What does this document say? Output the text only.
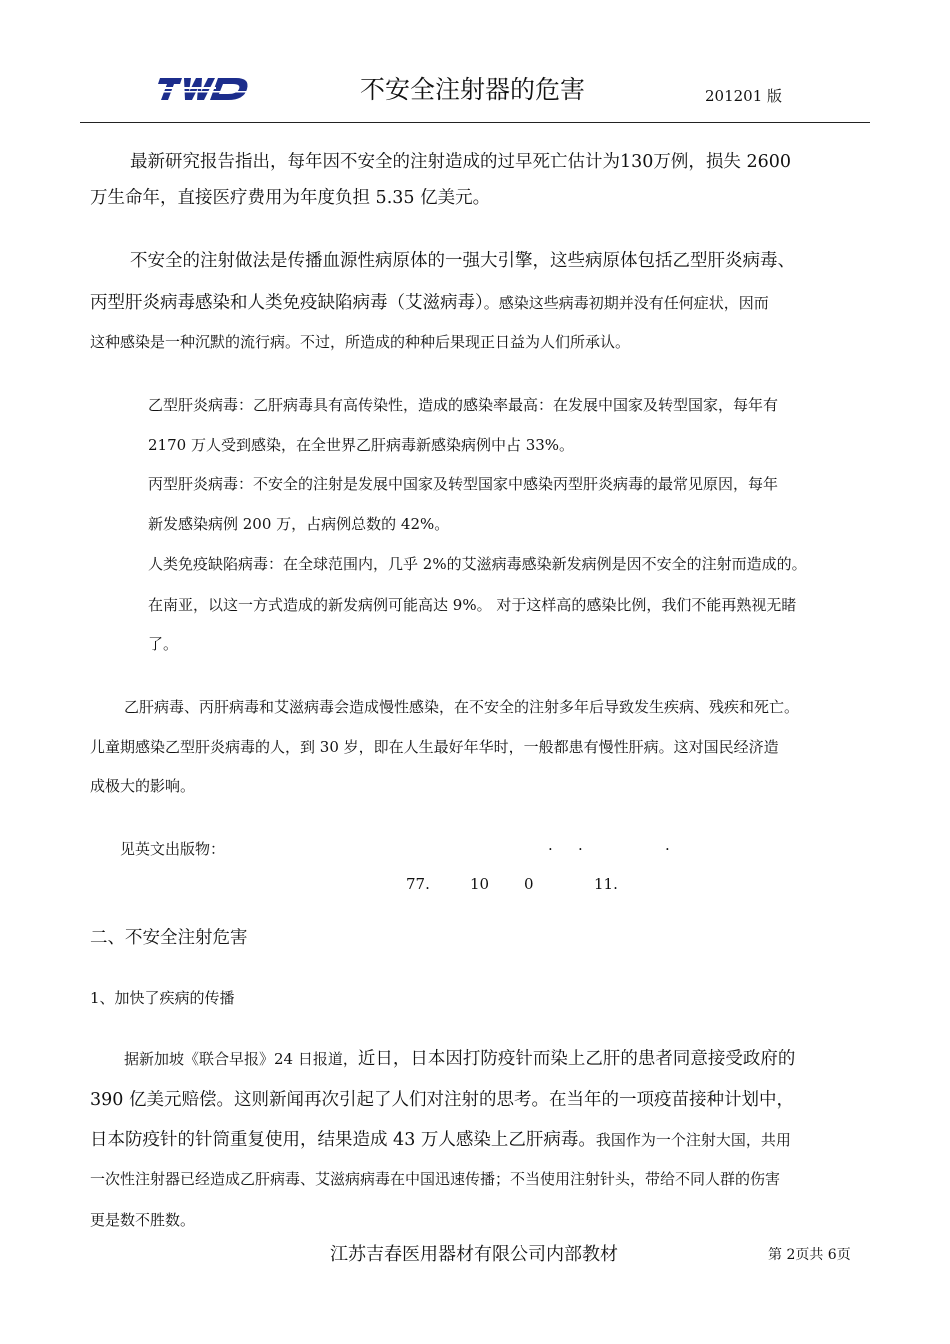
不安全注射器的危害	201201 版
最新研究报告指出，每年因不安全的注射造成的过早死亡估计为130万例，损失 2600
万生命年，直接医疗费用为年度负担 5.35 亿美元。
不安全的注射做法是传播血源性病原体的一强大引擎，这些病原体包括乙型肝炎病毒、
丙型肝炎病毒感染和人类免疫缺陷病毒（艾滋病毒）。感染这些病毒初期并没有任何症状，因而
这种感染是一种沉默的流行病。不过，所造成的种种后果现正日益为人们所承认。
乙型肝炎病毒：乙肝病毒具有高传染性，造成的感染率最高：在发展中国家及转型国家，每年有
2170 万人受到感染，在全世界乙肝病毒新感染病例中占 33%。
丙型肝炎病毒：不安全的注射是发展中国家及转型国家中感染丙型肝炎病毒的最常见原因，每年
新发感染病例 200 万，占病例总数的 42%。
人类免疫缺陷病毒：在全球范围内，几乎 2%的艾滋病毒感染新发病例是因不安全的注射而造成的。
在南亚，以这一方式造成的新发病例可能高达 9%。 对于这样高的感染比例，我们不能再熟视无睹
了。
乙肝病毒、丙肝病毒和艾滋病毒会造成慢性感染，在不安全的注射多年后导致发生疾病、残疾和死亡。
儿童期感染乙型肝炎病毒的人，到 30 岁，即在人生最好年华时，一般都患有慢性肝病。这对国民经济造
成极大的影响。
见英文出版物：	. .	.
77.	10 0	11.
二、不安全注射危害
1、加快了疾病的传播
据新加坡《联合早报》24 日报道，近日，日本因打防疫针而染上乙肝的患者同意接受政府的
390 亿美元赔偿。这则新闻再次引起了人们对注射的思考。在当年的一项疫苗接种计划中，
日本防疫针的针筒重复使用，结果造成 43 万人感染上乙肝病毒。我国作为一个注射大国，共用
一次性注射器已经造成乙肝病毒、艾滋病病毒在中国迅速传播；不当使用注射针头，带给不同人群的伤害
更是数不胜数。
江苏吉春医用器材有限公司内部教材	第 2页共 6页
